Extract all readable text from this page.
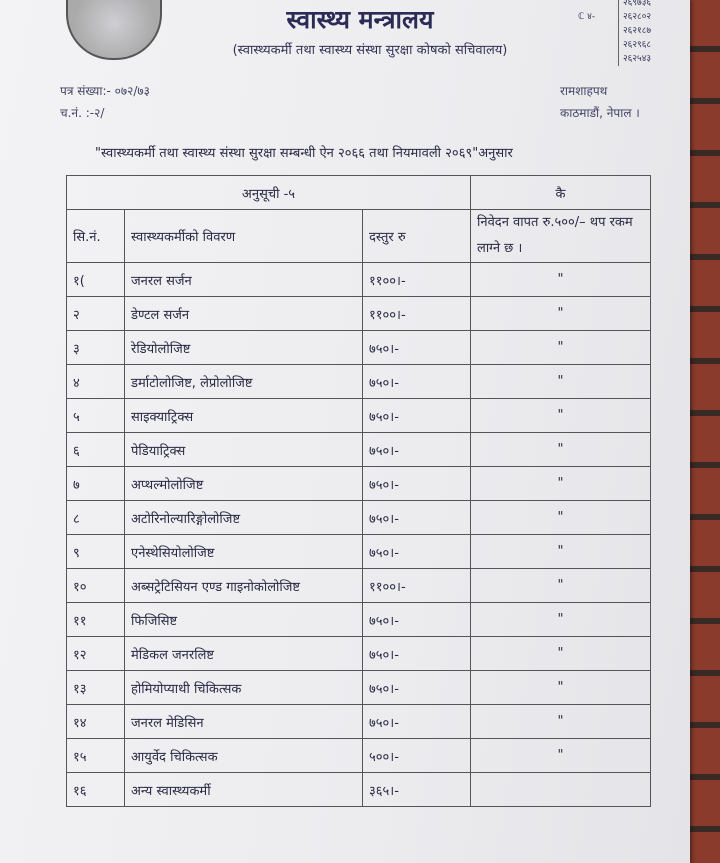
स्वास्थ्य मन्त्रालय
(स्वास्थ्यकर्मी तथा स्वास्थ्य संस्था सुरक्षा कोषको सचिवालय)
ℂ ४-
२६९७३६
२६२८०२
२६२१८७
२६२९६८
२६२५४३
पत्र संख्या:- ०७२/७३
च.नं. :-२/
रामशाहपथ
काठमाडौं, नेपाल ।
"स्वास्थ्यकर्मी तथा स्वास्थ्य संस्था सुरक्षा सम्बन्धी ऐन २०६६ तथा नियमावली २०६९"अनुसार
अनुसूची -५			कै
सि.नं.	स्वास्थ्यकर्मीको विवरण	दस्तुर रु	निवेदन वापत रु.५००/– थप रकम लाग्ने छ ।
१(	जनरल सर्जन	११००।-	"
२	डेण्टल सर्जन	११००।-	"
३	रेडियोलोजिष्ट	७५०।-	"
४	डर्माटोलोजिष्ट, लेप्रोलोजिष्ट	७५०।-	"
५	साइक्याट्रिक्स	७५०।-	"
६	पेडियाट्रिक्स	७५०।-	"
७	अप्थल्मोलोजिष्ट	७५०।-	"
८	अटोरिनोल्यारिङ्गोलोजिष्ट	७५०।-	"
९	एनेस्थेसियोलोजिष्ट	७५०।-	"
१०	अब्सट्रेटिसियन एण्ड गाइनोकोलोजिष्ट	११००।-	"
११	फिजिसिष्ट	७५०।-	"
१२	मेडिकल जनरलिष्ट	७५०।-	"
१३	होमियोप्याथी चिकित्सक	७५०।-	"
१४	जनरल मेडिसिन	७५०।-	"
१५	आयुर्वेद चिकित्सक	५००।-	"
१६	अन्य स्वास्थ्यकर्मी	३६५।-	
